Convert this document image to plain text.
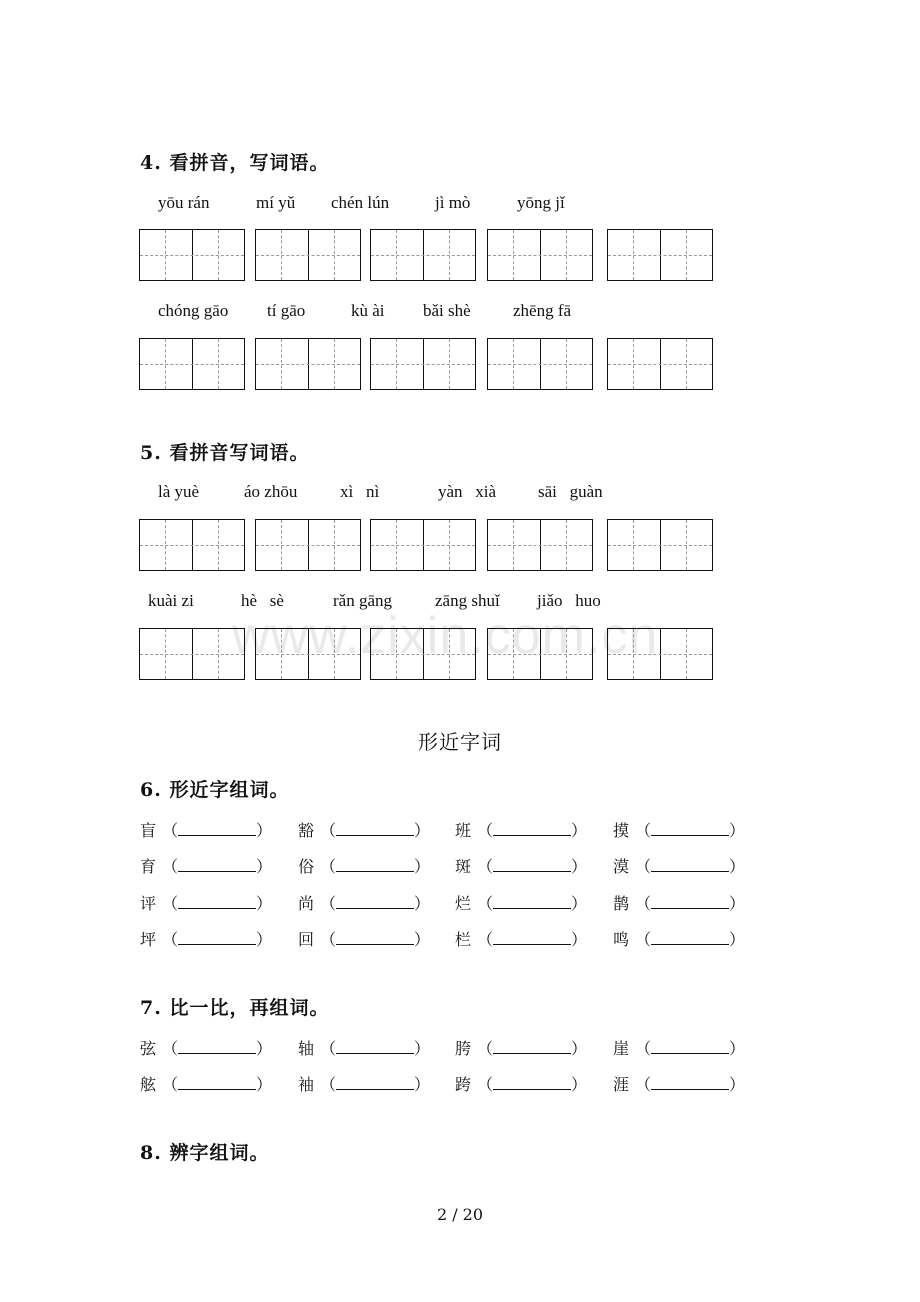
www.zixin.com.cn
4. 看拼音，写词语。
yōu rán	mí yǔ chén lún	jì mò	yōng jǐ
chóng gāo tí gāo	kù ài bǎi shè zhēng fā
5. 看拼音写词语。
là yuè	áo zhōu	xì   nì	yàn   xià sāi   guàn
kuài zi	hè   sè	rǎn gāng	zāng shuǐ jiǎo   huo
形近字词
6. 形近字组词。
盲 （	） 豁 （	） 班 （	） 摸 （	）
育 （	） 俗 （	） 斑 （	） 漠 （	）
评 （	） 尚 （	） 烂 （	） 鹊 （	）
坪 （	） 回 （	） 栏 （	） 鸣 （	）
7. 比一比，再组词。
弦 （	） 轴 （	） 胯 （	） 崖 （	）
舷 （	） 袖 （	） 跨 （	） 涯 （	）
8. 辨字组词。
2 / 20
